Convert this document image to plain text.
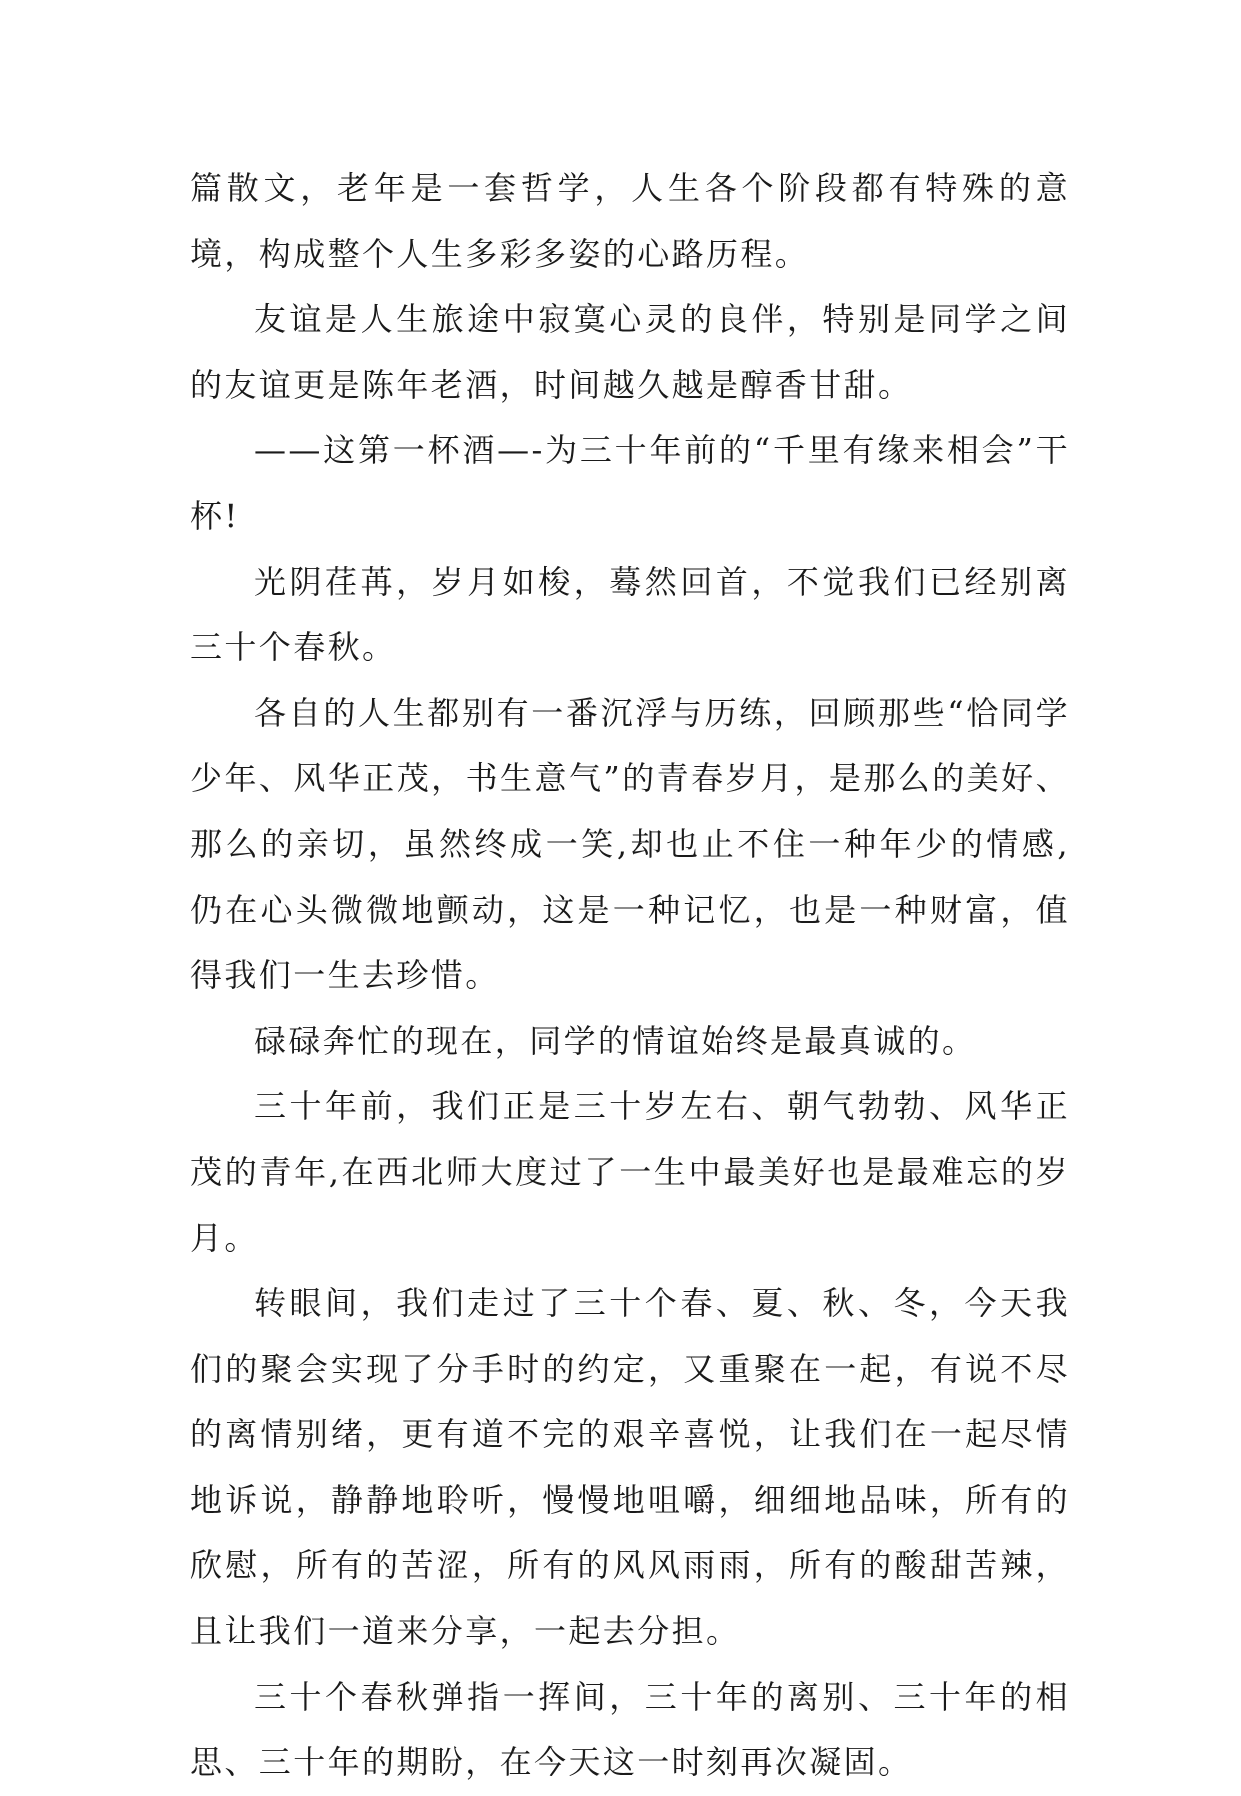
篇散文，老年是一套哲学，人生各个阶段都有特殊的意境，构成整个人生多彩多姿的心路历程。

友谊是人生旅途中寂寞心灵的良伴，特别是同学之间的友谊更是陈年老酒，时间越久越是醇香甘甜。

——这第一杯酒—-为三十年前的“千里有缘来相会”干杯!

光阴荏苒，岁月如梭，蓦然回首，不觉我们已经别离三十个春秋。

各自的人生都别有一番沉浮与历练，回顾那些“恰同学少年、风华正茂，书生意气”的青春岁月，是那么的美好、那么的亲切，虽然终成一笑,却也止不住一种年少的情感,仍在心头微微地颤动，这是一种记忆，也是一种财富，值得我们一生去珍惜。

碌碌奔忙的现在，同学的情谊始终是最真诚的。

三十年前，我们正是三十岁左右、朝气勃勃、风华正茂的青年,在西北师大度过了一生中最美好也是最难忘的岁月。

转眼间，我们走过了三十个春、夏、秋、冬，今天我们的聚会实现了分手时的约定，又重聚在一起，有说不尽的离情别绪，更有道不完的艰辛喜悦，让我们在一起尽情地诉说，静静地聆听，慢慢地咀嚼，细细地品味，所有的欣慰，所有的苦涩，所有的风风雨雨，所有的酸甜苦辣，且让我们一道来分享，一起去分担。

三十个春秋弹指一挥间，三十年的离别、三十年的相思、三十年的期盼，在今天这一时刻再次凝固。
